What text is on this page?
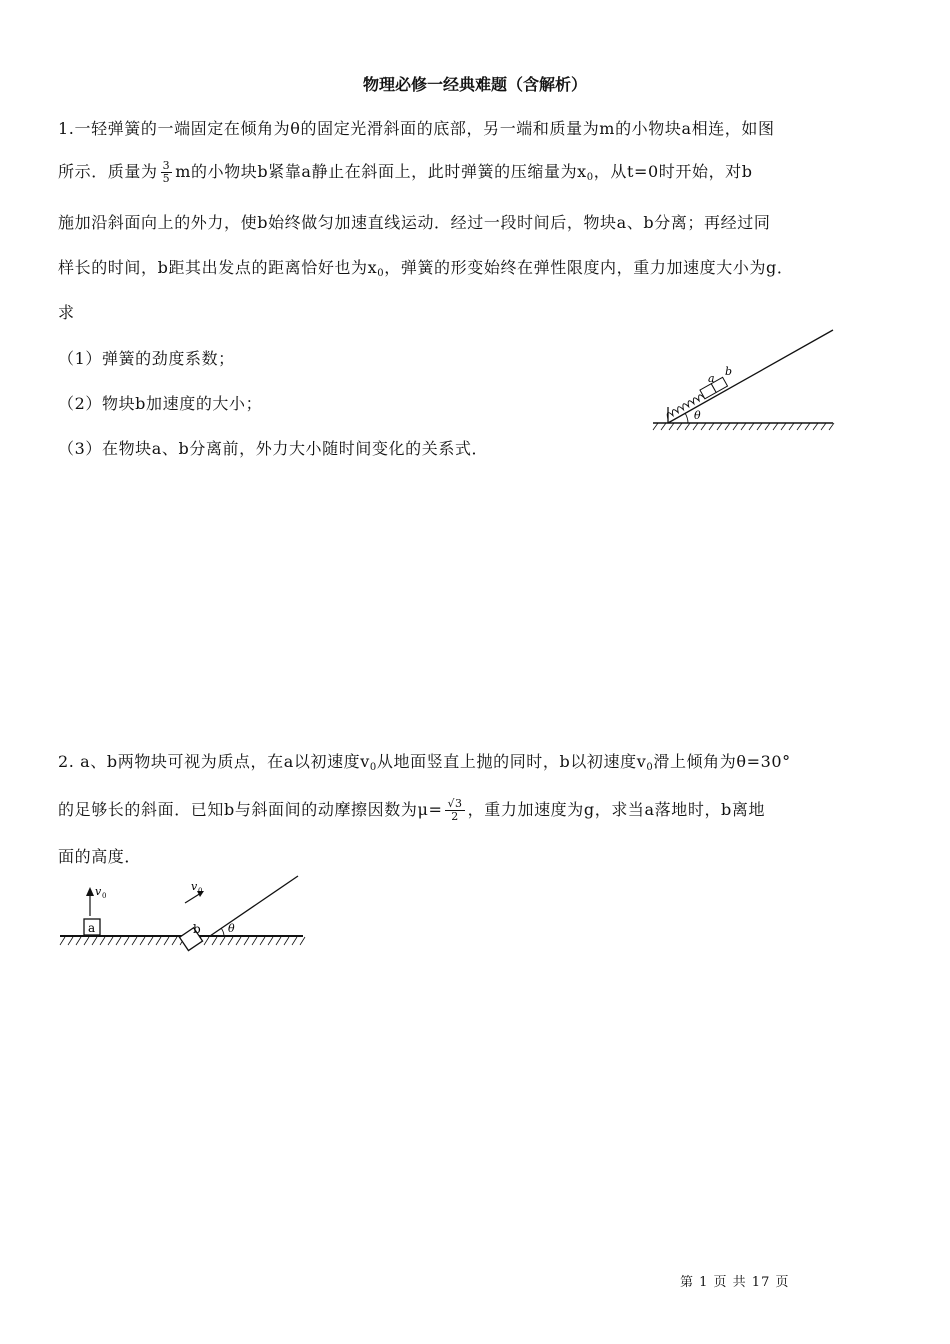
物理必修一经典难题（含解析）
1.一轻弹簧的一端固定在倾角为θ的固定光滑斜面的底部，另一端和质量为m的小物块a相连，如图
所示．质量为 $\frac{3}{5}$ m的小物块b紧靠a静止在斜面上，此时弹簧的压缩量为$x_0$，从t=0时开始，对b
施加沿斜面向上的外力，使b始终做匀加速直线运动．经过一段时间后，物块a、b分离；再经过同
样长的时间，b距其出发点的距离恰好也为$x_0$，弹簧的形变始终在弹性限度内，重力加速度大小为g．
求
（1）弹簧的劲度系数；
（2）物块b加速度的大小；
（3）在物块a、b分离前，外力大小随时间变化的关系式．
a
b
θ
2. a、b两物块可视为质点，在a以初速度$v_0$从地面竖直上抛的同时，b以初速度$v_0$滑上倾角为θ=30°
的足够长的斜面．已知b与斜面间的动摩擦因数为$\mu= \frac{√3}{2}$ ，重力加速度为g，求当a落地时，b离地
面的高度．
a
v 0
b
v 0
θ
第 1 页 共 17 页
